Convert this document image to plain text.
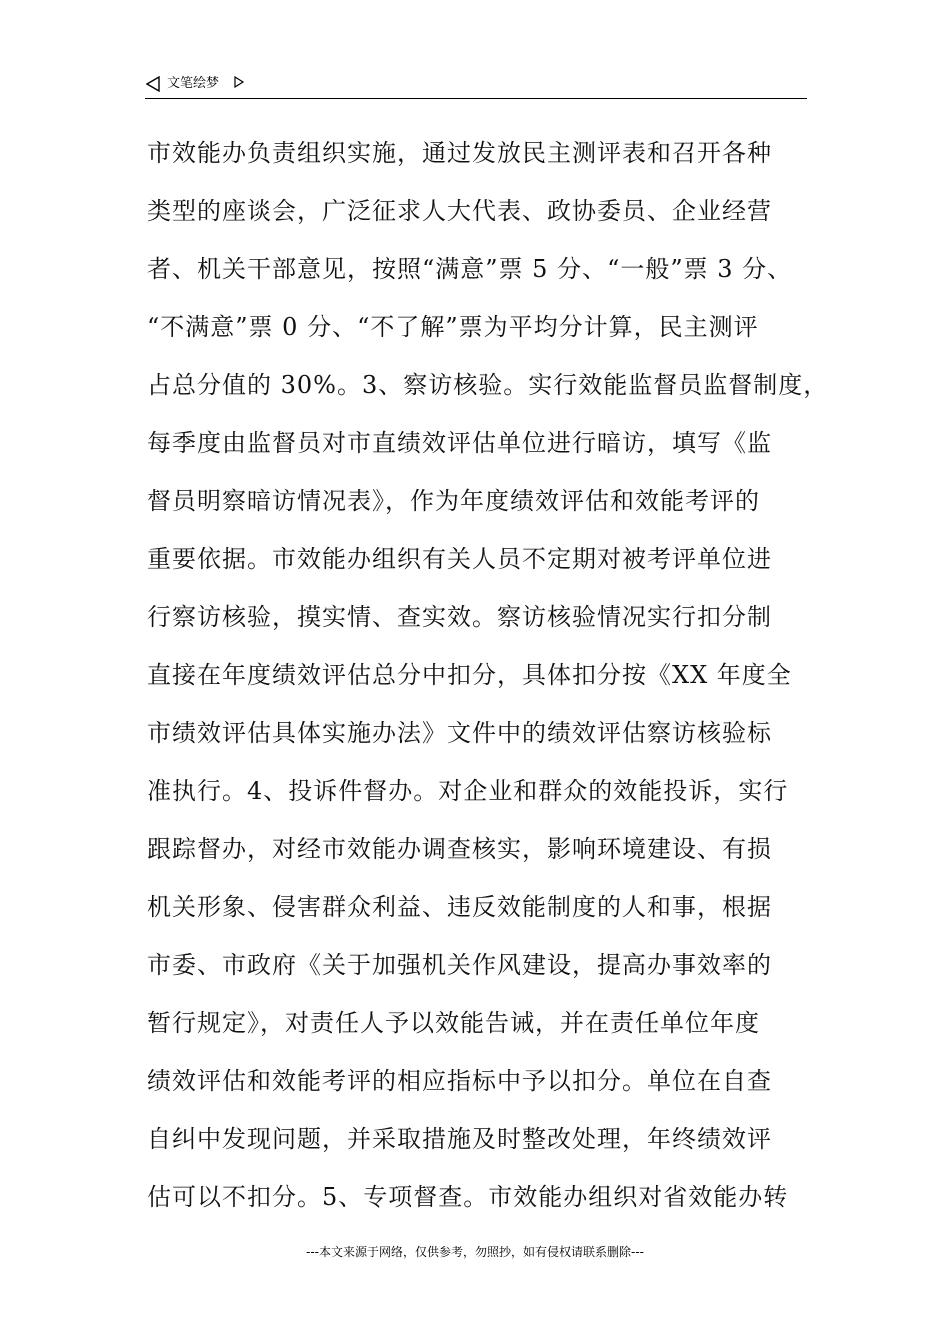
文笔绘梦
市效能办负责组织实施，通过发放民主测评表和召开各种
类型的座谈会，广泛征求人大代表、政协委员、企业经营
者、机关干部意见，按照“满意”票 5 分、“一般”票 3 分、
“不满意”票 0 分、“不了解”票为平均分计算，民主测评
占总分值的 30%。3、察访核验。实行效能监督员监督制度，
每季度由监督员对市直绩效评估单位进行暗访，填写《监
督员明察暗访情况表》，作为年度绩效评估和效能考评的
重要依据。市效能办组织有关人员不定期对被考评单位进
行察访核验，摸实情、查实效。察访核验情况实行扣分制
直接在年度绩效评估总分中扣分，具体扣分按《XX 年度全
市绩效评估具体实施办法》文件中的绩效评估察访核验标
准执行。4、投诉件督办。对企业和群众的效能投诉，实行
跟踪督办，对经市效能办调查核实，影响环境建设、有损
机关形象、侵害群众利益、违反效能制度的人和事，根据
市委、市政府《关于加强机关作风建设，提高办事效率的
暂行规定》，对责任人予以效能告诫，并在责任单位年度
绩效评估和效能考评的相应指标中予以扣分。单位在自查
自纠中发现问题，并采取措施及时整改处理，年终绩效评
估可以不扣分。5、专项督查。市效能办组织对省效能办转
---本文来源于网络，仅供参考，勿照抄，如有侵权请联系删除---
